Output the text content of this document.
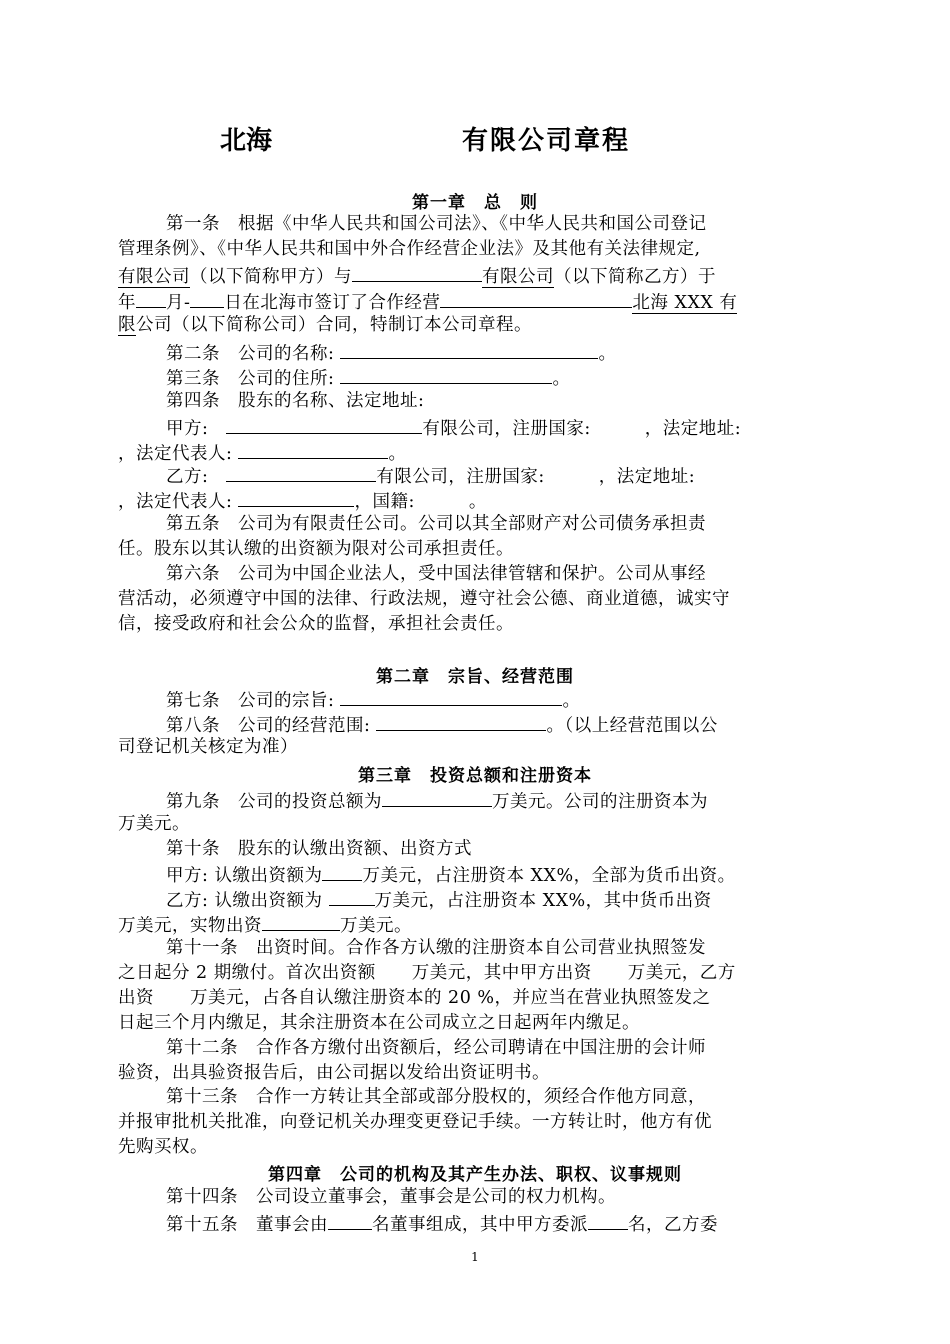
北海	有限公司章程
第一章　总　则
第一条　根据《中华人民共和国公司法》、《中华人民共和国公司登记
管理条例》、《中华人民共和国中外合作经营企业法》及其他有关法律规定,
有限公司（以下简称甲方）与	有限公司（以下简称乙方）于
年 月- 日在北海市签订了合作经营	北海 XXX 有
限公司（以下简称公司）合同，特制订本公司章程。
第二条　公司的名称:	。
第三条　公司的住所:	。
第四条　股东的名称、法定地址:
甲方:　	有限公司，注册国家:　　　，法定地址:
，法定代表人:	。
乙方:　	有限公司，注册国家:　　　，法定地址:
，法定代表人:	，国籍:　　　。
第五条　公司为有限责任公司。公司以其全部财产对公司债务承担责
任。股东以其认缴的出资额为限对公司承担责任。
第六条　公司为中国企业法人，受中国法律管辖和保护。公司从事经
营活动，必须遵守中国的法律、行政法规，遵守社会公德、商业道德，诚实守
信，接受政府和社会公众的监督，承担社会责任。
第二章　宗旨、经营范围
第七条　公司的宗旨:	。
第八条　公司的经营范围:	。（以上经营范围以公
司登记机关核定为准）
第三章　投资总额和注册资本
第九条　公司的投资总额为	万美元。公司的注册资本为
万美元。
第十条　股东的认缴出资额、出资方式
甲方: 认缴出资额为 万美元，占注册资本 XX%，全部为货币出资。
乙方: 认缴出资额为	万美元，占注册资本 XX%，其中货币出资
万美元，实物出资	万美元。
第十一条　出资时间。合作各方认缴的注册资本自公司营业执照签发
之日起分 2 期缴付。首次出资额　　万美元，其中甲方出资　　万美元，乙方
出资　　万美元，占各自认缴注册资本的 20 %，并应当在营业执照签发之
日起三个月内缴足，其余注册资本在公司成立之日起两年内缴足。
第十二条　合作各方缴付出资额后，经公司聘请在中国注册的会计师
验资，出具验资报告后，由公司据以发给出资证明书。
第十三条　合作一方转让其全部或部分股权的，须经合作他方同意，
并报审批机关批准，向登记机关办理变更登记手续。一方转让时，他方有优
先购买权。
第四章　公司的机构及其产生办法、职权、议事规则
第十四条　公司设立董事会，董事会是公司的权力机构。
第十五条　董事会由	名董事组成，其中甲方委派 名，乙方委
1
